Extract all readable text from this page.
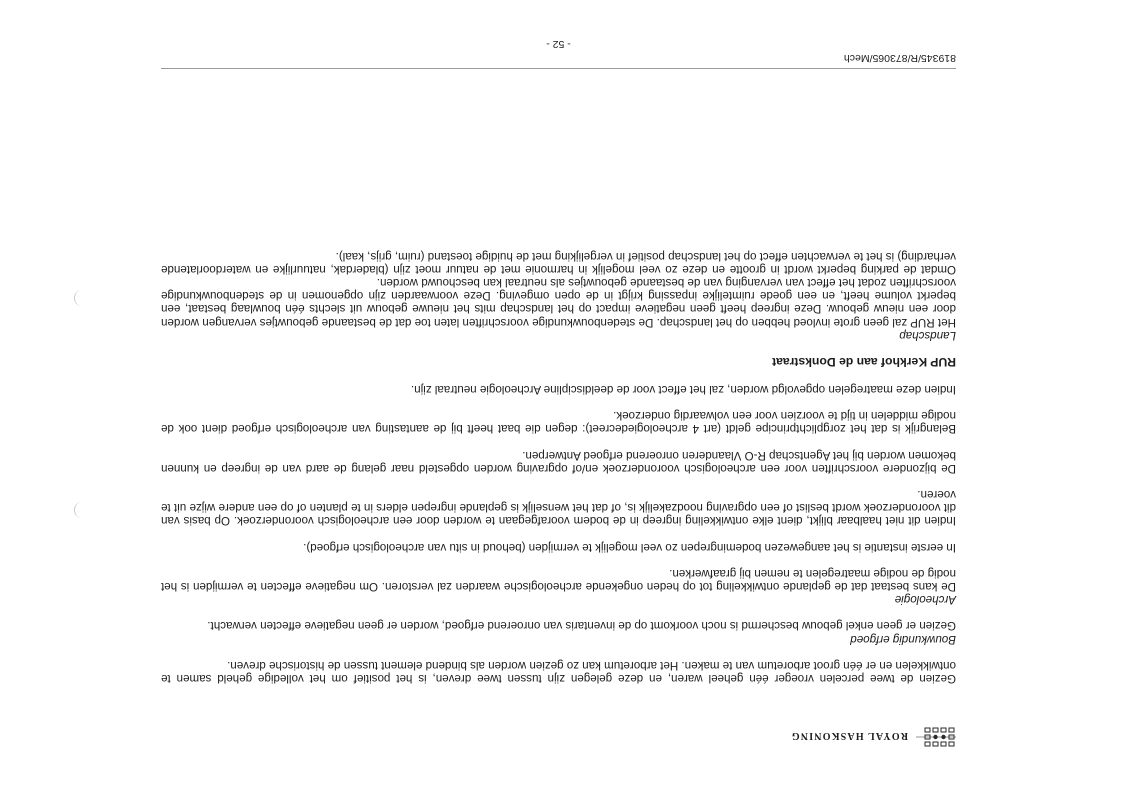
ROYAL HASKONING

Gezien de twee percelen vroeger één geheel waren, en deze gelegen zijn tussen twee dreven, is het positief om het volledige geheld samen te ontwikkelen en er één groot arboretum van te maken. Het arboretum kan zo gezien worden als bindend element tussen de historische dreven.

Bouwkundig erfgoed

Gezien er geen enkel gebouw beschermd is noch voorkomt op de inventaris van onroerend erfgoed, worden er geen negatieve effecten verwacht.

Archeologie

De kans bestaat dat de geplande ontwikkeling tot op heden ongekende archeologische waarden zal verstoren. Om negatieve effecten te vermijden is het nodig de nodige maatregelen te nemen bij graafwerken.

In eerste instantie is het aangewezen bodemingrepen zo veel mogelijk te vermijden (behoud in situ van archeologisch erfgoed).

Indien dit niet haalbaar blijkt, dient elke ontwikkeling ingreep in de bodem voorafgegaan te worden door een archeologisch vooronderzoek. Op basis van dit vooronderzoek wordt beslist of een opgraving noodzakelijk is, of dat het wenselijk is geplande ingrepen elders in te planten of op een andere wijze uit te voeren.

De bijzondere voorschriften voor een archeologisch vooronderzoek en/of opgraving worden opgesteld naar gelang de aard van de ingreep en kunnen bekomen worden bij het Agentschap R-O Vlaanderen onroerend erfgoed Antwerpen.

Belangrijk is dat het zorgplichtprincipe geldt (art 4 archeologiedecreet): degen die baat heeft bij de aantasting van archeologisch erfgoed dient ook de nodige middelen in tijd te voorzien voor een volwaardig onderzoek.

Indien deze maatregelen opgevolgd worden, zal het effect voor de deeldiscipline Archeologie neutraal zijn.

RUP Kerkhof aan de Donkstraat

Landschap

Het RUP zal geen grote invloed hebben op het landschap. De stedenbouwkundige voorschriften laten toe dat de bestaande gebouwtjes vervangen worden door een nieuw gebouw. Deze ingreep heeft geen negatieve impact op het landschap mits het nieuwe gebouw uit slechts één bouwlaag bestaat, een beperkt volume heeft, en een goede ruimtelijke inpassing krijgt in de open omgeving. Deze voorwaarden zijn opgenomen in de stedenbouwkundige voorschriften zodat het effect van vervanging van de bestaande gebouwtjes als neutraal kan beschouwd worden.

Omdat de parking beperkt wordt in grootte en deze zo veel mogelijk in harmonie met de natuur moet zijn (bladerdak, natuurlijke en waterdoorlatende verharding) is het te verwachten effect op het landschap positief in vergelijking met de huidige toestand (ruim, grijs, kaal).

819345/R/873065/Mech
- 52 -
